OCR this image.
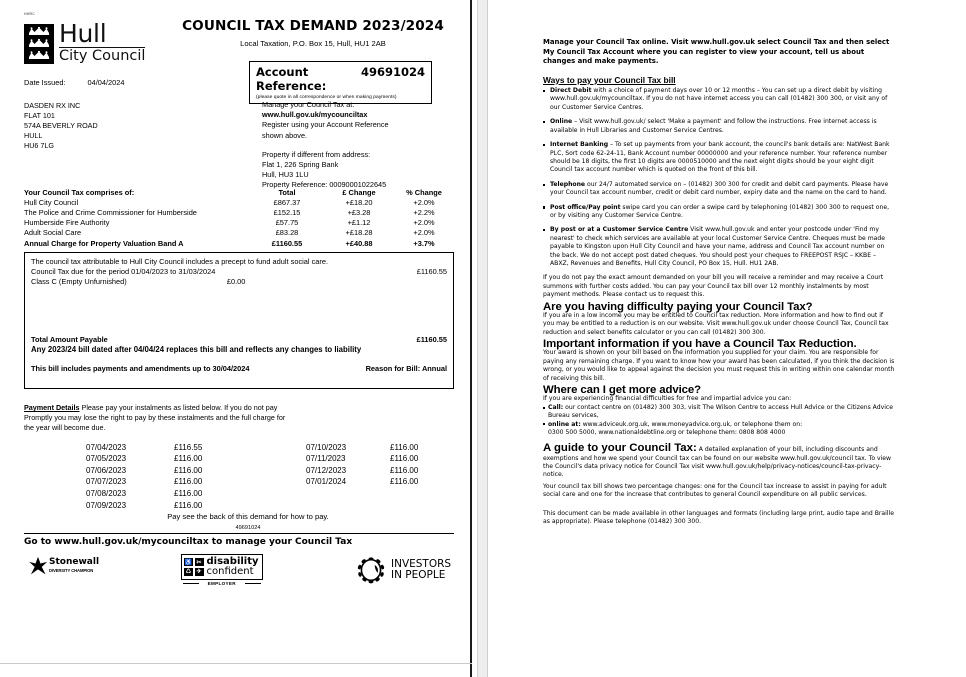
HMRC
Hull
City Council
COUNCIL TAX DEMAND 2023/2024
Local Taxation, P.O. Box 15, Hull, HU1 2AB
Account Reference:
49691024
(please quote in all correspondence or when making payments)
Date Issued:	04/04/2024
DASDEN RX INC
FLAT 101
574A BEVERLY ROAD
HULL
HU6 7LG
Manage your Council Tax at:
www.hull.gov.uk/mycounciltax
Register using your Account Reference
shown above.
Property if different from address:
Flat 1, 226 Spring Bank
Hull, HU3 1LU
Property Reference: 00090001022645
Your Council Tax comprises of:	Total	£ Change	% Change
Hull City Council	£867.37	+£18.20	+2.0%
The Police and Crime Commissioner for Humberside	£152.15	+£3.28	+2.2%
Humberside Fire Authority	£57.75	+£1.12	+2.0%
Adult Social Care	£83.28	+£18.28	+2.0%
Annual Charge for Property Valuation Band A	£1160.55	+£40.88	+3.7%
The council tax attributable to Hull City Council includes a precept to fund adult social care.
Council Tax due for the period 01/04/2023 to 31/03/2024	£1160.55
Class C (Empty Unfurnished)	£0.00
Total Amount Payable	£1160.55
Any 2023/24 bill dated after 04/04/24 replaces this bill and reflects any changes to liability
This bill includes payments and amendments up to 30/04/2024	Reason for Bill: Annual
Payment Details Please pay your instalments as listed below. If you do not pay
Promptly you may lose the right to pay by these instalments and the full charge for
the year will become due.
	07/04/2023	£116.55		07/10/2023	£116.00
	07/05/2023	£116.00		07/11/2023	£116.00
	07/06/2023	£116.00		07/12/2023	£116.00
	07/07/2023	£116.00		07/01/2024	£116.00
	07/08/2023	£116.00			
	07/09/2023	£116.00			
Pay see the back of this demand for how to pay.
49691024
Go to www.hull.gov.uk/mycounciltax to manage your Council Tax
Stonewall
DIVERSITY CHAMPION
♿ ✂
♺ ✈
disability
confident
EMPLOYER
INVESTORS
IN PEOPLE
Manage your Council Tax online. Visit www.hull.gov.uk select Council Tax and then select My Council Tax Account where you can register to view your account, tell us about changes and make payments.
Ways to pay your Council Tax bill
Direct Debit with a choice of payment days over 10 or 12 months – You can set up a direct debit by visiting www.hull.gov.uk/mycounciltax. If you do not have internet access you can call (01482) 300 300, or visit any of our Customer Service Centres.
Online – Visit www.hull.gov.uk/ select 'Make a payment' and follow the instructions. Free internet access is available in Hull Libraries and Customer Service Centres.
Internet Banking – To set up payments from your bank account, the council's bank details are: NatWest Bank PLC, Sort code 62-24-11, Bank Account number 00000000 and your reference number. Your reference number should be 18 digits, the first 10 digits are 0000510000 and the next eight digits should be your eight digit Council tax account number which is quoted on the front of this bill.
Telephone our 24/7 automated service on – (01482) 300 300 for credit and debit card payments. Please have your Council tax account number, credit or debit card number, expiry date and the name on the card to hand.
Post office/Pay point swipe card you can order a swipe card by telephoning (01482) 300 300 to request one, or by visiting any Customer Service Centre.
By post or at a Customer Service Centre Visit www.hull.gov.uk and enter your postcode under 'Find my nearest' to check which services are available at your local Customer Service Centre. Cheques must be made payable to Kingston upon Hull City Council and have your name, address and Council Tax account number on the back. We do not accept post dated cheques. You should post your cheques to FREEPOST RSJC – KKBE – ABXZ, Revenues and Benefits, Hull City Council, PO Box 15, Hull. HU1 2AB.
If you do not pay the exact amount demanded on your bill you will receive a reminder and may receive a Court summons with further costs added. You can pay your Council tax bill over 12 monthly instalments by most payment methods. Please contact us to request this.
Are you having difficulty paying your Council Tax?
If you are in a low income you may be entitled to Council tax reduction. More information and how to find out if you may be entitled to a reduction is on our website. Visit www.hull.gov.uk under choose Council Tax, Council tax reduction and select benefits calculator or you can call (01482) 300 300.
Important information if you have a Council Tax Reduction.
Your award is shown on your bill based on the information you supplied for your claim. You are responsible for paying any remaining charge. If you want to know how your award has been calculated, if you think the decision is wrong, or you would like to appeal against the decision you must request this in writing within one calendar month of receiving this bill.
Where can I get more advice?
If you are experiencing financial difficulties for free and impartial advice you can:
Call: our contact centre on (01482) 300 303, visit The Wilson Centre to access Hull Advice or the Citizens Advice Bureau services,
online at: www.adviceuk.org.uk, www.moneyadvice.org.uk, or telephone them on:
0300 500 5000, www.nationaldebtline.org or telephone them: 0808 808 4000
A guide to your Council Tax: A detailed explanation of your bill, including discounts and exemptions and how we spend your Council tax can be found on our website www.hull.gov.uk/council tax. To view the Council's data privacy notice for Council Tax visit www.hull.gov.uk/help/privacy-notices/council-tax-privacy-notice.
Your council tax bill shows two percentage changes: one for the Council tax increase to assist in paying for adult social care and one for the increase that contributes to general Council expenditure on all public services.
This document can be made available in other languages and formats (including large print, audio tape and Braille as appropriate). Please telephone (01482) 300 300.
